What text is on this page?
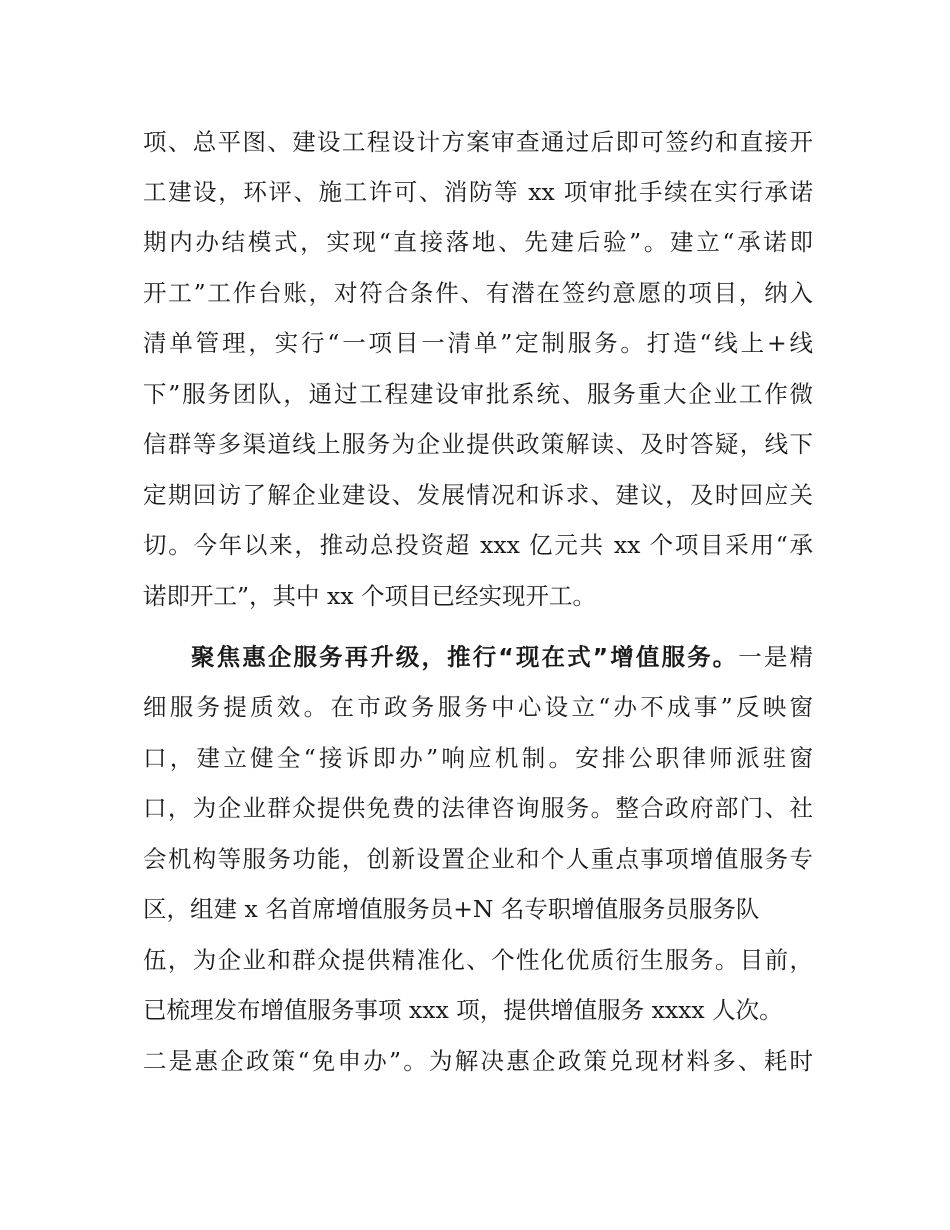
项、总平图、建设工程设计方案审查通过后即可签约和直接开
工建设，环评、施工许可、消防等 xx 项审批手续在实行承诺
期内办结模式，实现“直接落地、先建后验”。建立“承诺即
开工”工作台账，对符合条件、有潜在签约意愿的项目，纳入
清单管理，实行“一项目一清单”定制服务。打造“线上+线
下”服务团队，通过工程建设审批系统、服务重大企业工作微
信群等多渠道线上服务为企业提供政策解读、及时答疑，线下
定期回访了解企业建设、发展情况和诉求、建议，及时回应关
切。今年以来，推动总投资超 xxx 亿元共 xx 个项目采用“承
诺即开工”，其中 xx 个项目已经实现开工。
聚焦惠企服务再升级，推行“现在式”增值服务。一是精
细服务提质效。在市政务服务中心设立“办不成事”反映窗
口，建立健全“接诉即办”响应机制。安排公职律师派驻窗
口，为企业群众提供免费的法律咨询服务。整合政府部门、社
会机构等服务功能，创新设置企业和个人重点事项增值服务专
区，组建 x 名首席增值服务员+N 名专职增值服务员服务队
伍，为企业和群众提供精准化、个性化优质衍生服务。目前，
已梳理发布增值服务事项 xxx 项，提供增值服务 xxxx 人次。
二是惠企政策“免申办”。为解决惠企政策兑现材料多、耗时
